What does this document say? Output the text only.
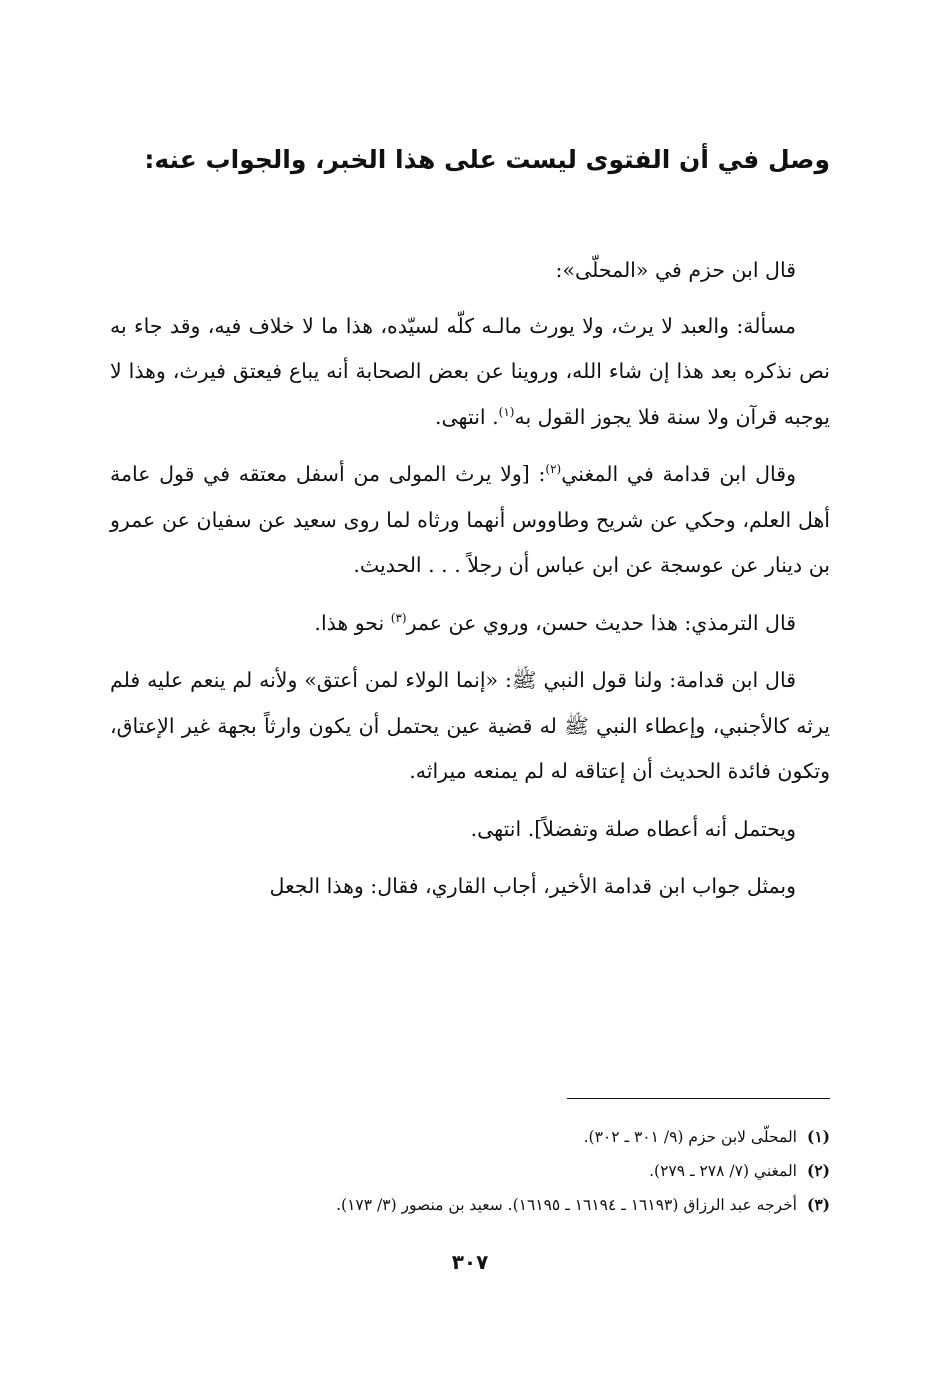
وصل في أن الفتوى ليست على هذا الخبر، والجواب عنه:

قال ابن حزم في «المحلّى»:

مسألة: والعبد لا يرث، ولا يورث مالـه كلّه لسيّده، هذا ما لا خلاف فيه، وقد جاء به نص نذكره بعد هذا إن شاء الله، وروينا عن بعض الصحابة أنه يباع فيعتق فيرث، وهذا لا يوجبه قرآن ولا سنة فلا يجوز القول به$^{(١)}$. انتهى.

وقال ابن قدامة في المغني$^{(٢)}$: [ولا يرث المولى من أسفل معتقه في قول عامة أهل العلم، وحكي عن شريح وطاووس أنهما ورثاه لما روى سعيد عن سفيان عن عمرو بن دينار عن عوسجة عن ابن عباس أن رجلاً . . . الحديث.

قال الترمذي: هذا حديث حسن، وروي عن عمر$^{(٣)}$ نحو هذا.

قال ابن قدامة: ولنا قول النبي ﷺ: «إنما الولاء لمن أعتق» ولأنه لم ينعم عليه فلم يرثه كالأجنبي، وإعطاء النبي ﷺ له قضية عين يحتمل أن يكون وارثاً بجهة غير الإعتاق، وتكون فائدة الحديث أن إعتاقه له لم يمنعه ميراثه.

ويحتمل أنه أعطاه صلة وتفضلاً]. انتهى.

وبمثل جواب ابن قدامة الأخير، أجاب القاري، فقال: وهذا الجعل

(١)المحلّى لابن حزم (٩/ ٣٠١ ـ ٣٠٢).

(٢)المغني (٧/ ٢٧٨ ـ ٢٧٩).

(٣)أخرجه عبد الرزاق (١٦١٩٣ ـ ١٦١٩٤ ـ ١٦١٩٥). سعيد بن منصور (٣/ ١٧٣).

٣٠٧
